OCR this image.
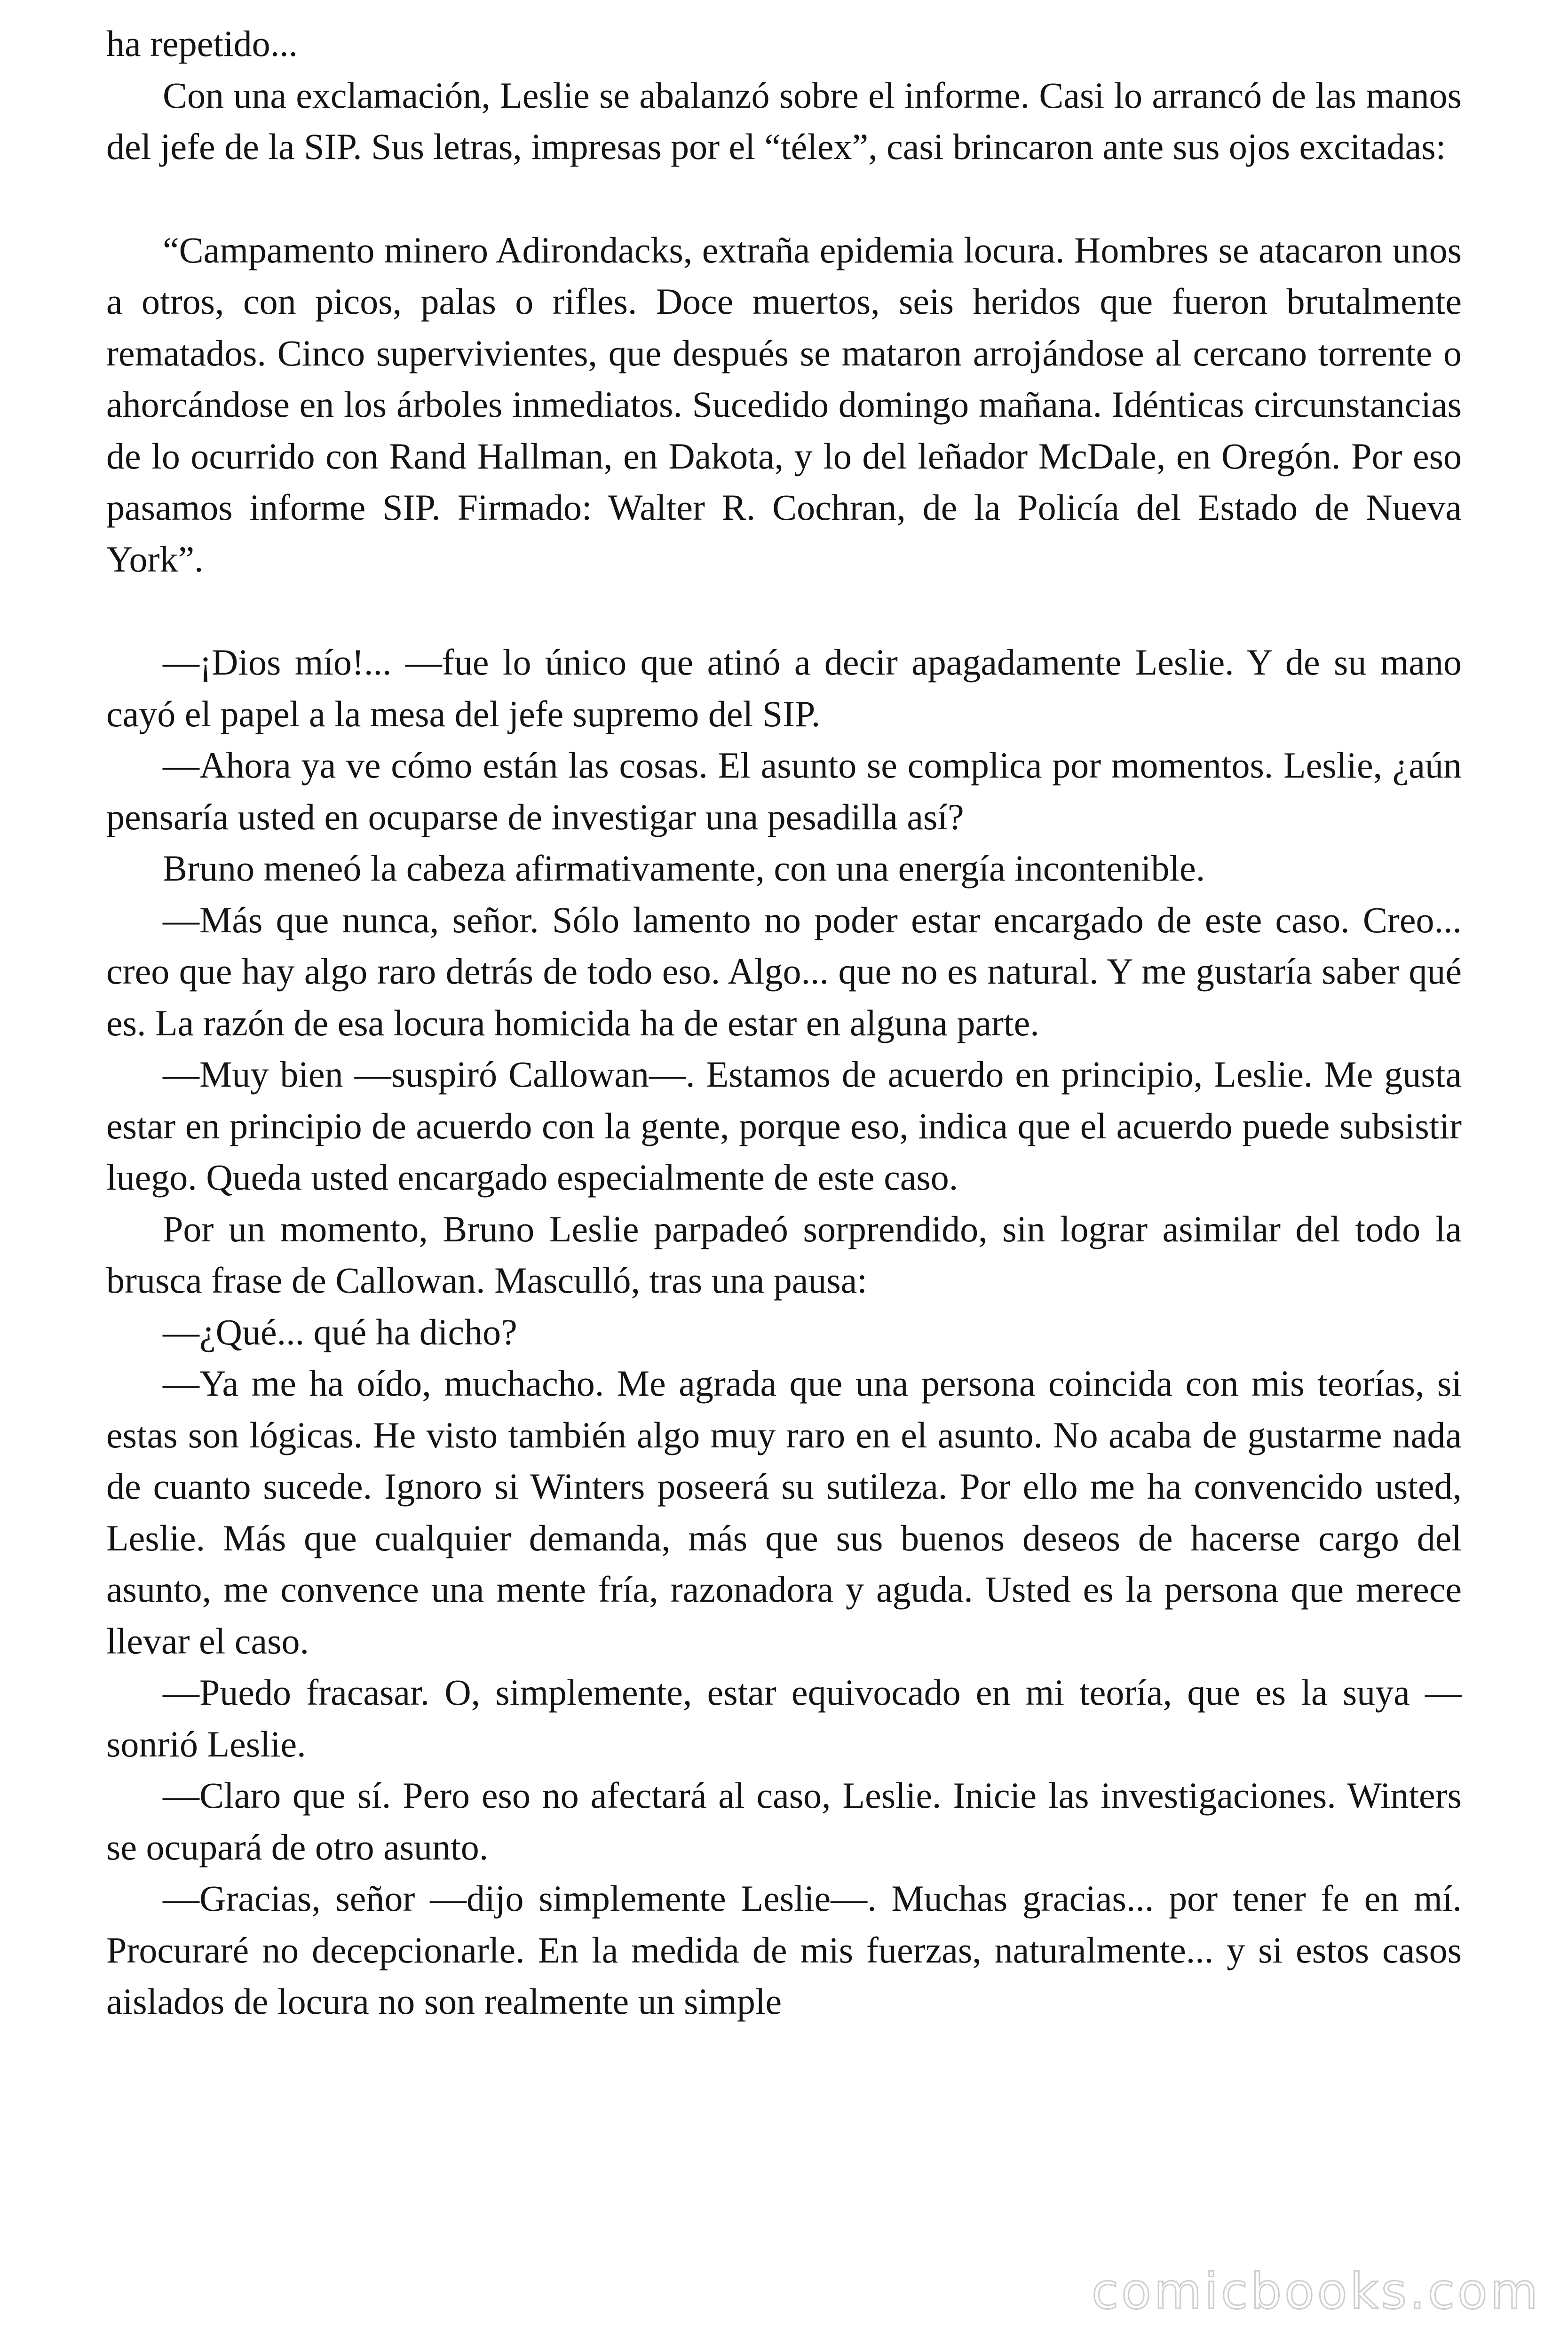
ha repetido...

Con una exclamación, Leslie se abalanzó sobre el informe. Casi lo arrancó de las manos del jefe de la SIP. Sus letras, impresas por el “télex”, casi brincaron ante sus ojos excitadas:

“Campamento minero Adirondacks, extraña epidemia locura. Hombres se atacaron unos a otros, con picos, palas o rifles. Doce muertos, seis heridos que fueron brutalmente rematados. Cinco supervivientes, que después se mataron arrojándose al cercano torrente o ahorcándose en los árboles inmediatos. Sucedido domingo mañana. Idénticas circunstancias de lo ocurrido con Rand Hallman, en Dakota, y lo del leñador McDale, en Oregón. Por eso pasamos informe SIP. Firmado: Walter R. Cochran, de la Policía del Estado de Nueva York”.

—¡Dios mío!... —fue lo único que atinó a decir apagadamente Leslie. Y de su mano cayó el papel a la mesa del jefe supremo del SIP.

—Ahora ya ve cómo están las cosas. El asunto se complica por momentos. Leslie, ¿aún pensaría usted en ocuparse de investigar una pesadilla así?

Bruno meneó la cabeza afirmativamente, con una energía incontenible.

—Más que nunca, señor. Sólo lamento no poder estar encargado de este caso. Creo... creo que hay algo raro detrás de todo eso. Algo... que no es natural. Y me gustaría saber qué es. La razón de esa locura homicida ha de estar en alguna parte.

—Muy bien —suspiró Callowan—. Estamos de acuerdo en principio, Leslie. Me gusta estar en principio de acuerdo con la gente, porque eso, indica que el acuerdo puede subsistir luego. Queda usted encargado especialmente de este caso.

Por un momento, Bruno Leslie parpadeó sorprendido, sin lograr asimilar del todo la brusca frase de Callowan. Masculló, tras una pausa:

—¿Qué... qué ha dicho?

—Ya me ha oído, muchacho. Me agrada que una persona coincida con mis teorías, si estas son lógicas. He visto también algo muy raro en el asunto. No acaba de gustarme nada de cuanto sucede. Ignoro si Winters poseerá su sutileza. Por ello me ha convencido usted, Leslie. Más que cualquier demanda, más que sus buenos deseos de hacerse cargo del asunto, me convence una mente fría, razonadora y aguda. Usted es la persona que merece llevar el caso.

—Puedo fracasar. O, simplemente, estar equivocado en mi teoría, que es la suya —sonrió Leslie.

—Claro que sí. Pero eso no afectará al caso, Leslie. Inicie las investigaciones. Winters se ocupará de otro asunto.

—Gracias, señor —dijo simplemente Leslie—. Muchas gracias... por tener fe en mí. Procuraré no decepcionarle. En la medida de mis fuerzas, naturalmente... y si estos casos aislados de locura no son realmente un simple

comicbooks.com
